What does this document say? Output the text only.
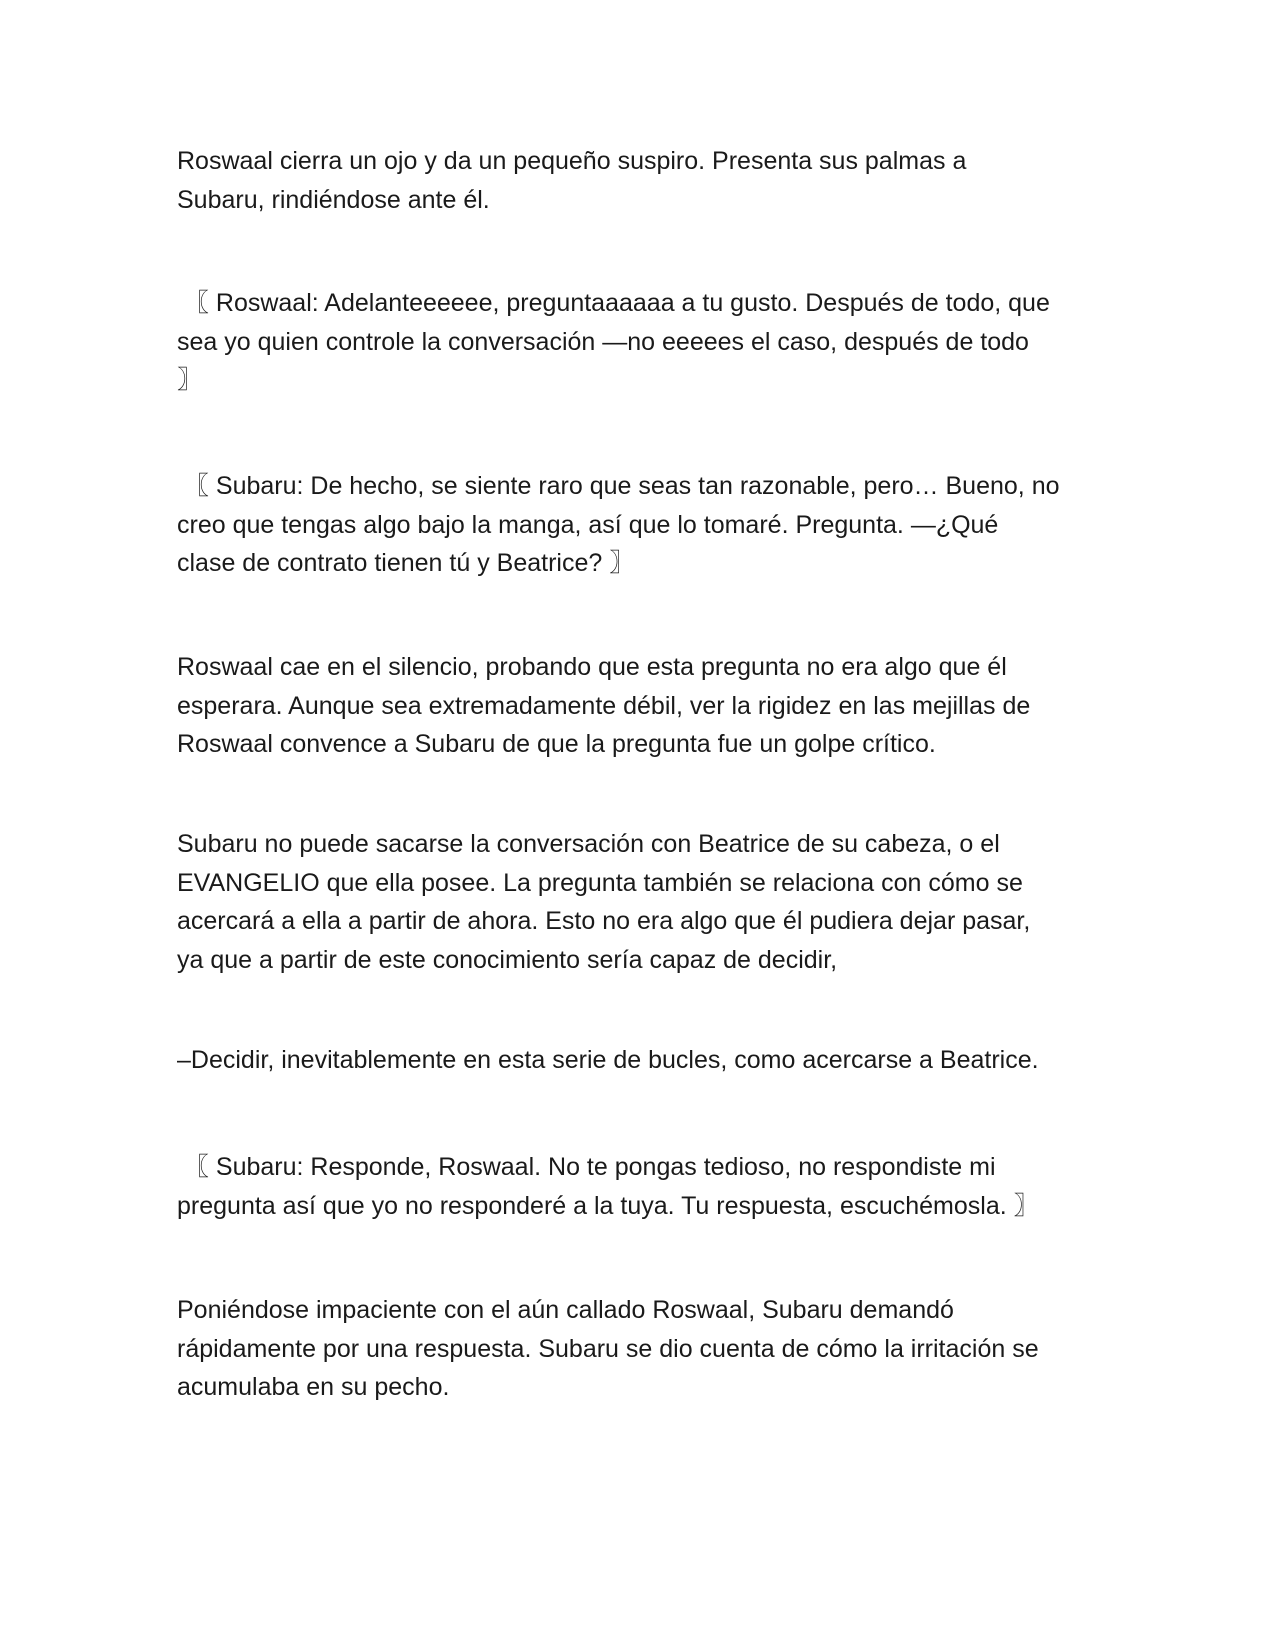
Roswaal cierra un ojo y da un pequeño suspiro. Presenta sus palmas a
Subaru, rindiéndose ante él.

〖 Roswaal: Adelanteeeeee, preguntaaaaaa a tu gusto. Después de todo, que
sea yo quien controle la conversación —no eeeees el caso, después de todo
〗

〖 Subaru: De hecho, se siente raro que seas tan razonable, pero… Bueno, no
creo que tengas algo bajo la manga, así que lo tomaré. Pregunta. —¿Qué
clase de contrato tienen tú y Beatrice? 〗

Roswaal cae en el silencio, probando que esta pregunta no era algo que él
esperara. Aunque sea extremadamente débil, ver la rigidez en las mejillas de
Roswaal convence a Subaru de que la pregunta fue un golpe crítico.

Subaru no puede sacarse la conversación con Beatrice de su cabeza, o el
EVANGELIO que ella posee. La pregunta también se relaciona con cómo se
acercará a ella a partir de ahora. Esto no era algo que él pudiera dejar pasar,
ya que a partir de este conocimiento sería capaz de decidir,

–Decidir, inevitablemente en esta serie de bucles, como acercarse a Beatrice.

〖 Subaru: Responde, Roswaal. No te pongas tedioso, no respondiste mi
pregunta así que yo no responderé a la tuya. Tu respuesta, escuchémosla. 〗

Poniéndose impaciente con el aún callado Roswaal, Subaru demandó
rápidamente por una respuesta. Subaru se dio cuenta de cómo la irritación se
acumulaba en su pecho.
